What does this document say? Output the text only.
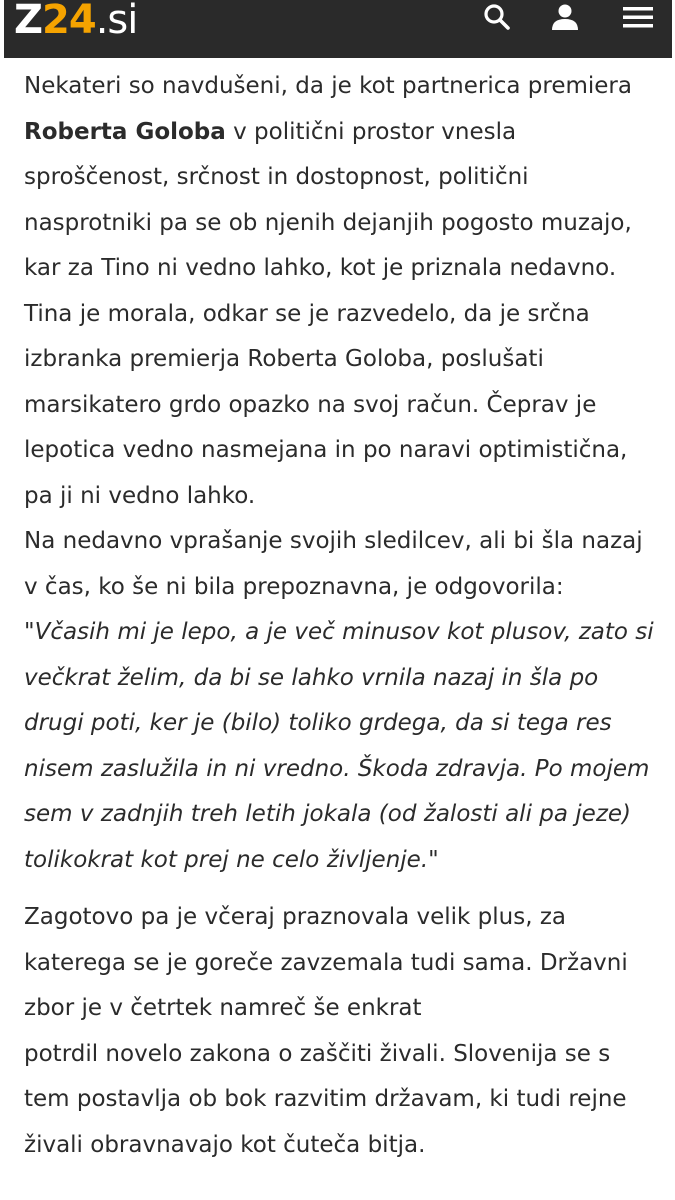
Z24.si

Nekateri so navdušeni, da je kot partnerica premiera Roberta Goloba v politični prostor vnesla sproščenost, srčnost in dostopnost, politični nasprotniki pa se ob njenih dejanjih pogosto muzajo, kar za Tino ni vedno lahko, kot je priznala nedavno.

Tina je morala, odkar se je razvedelo, da je srčna izbranka premierja Roberta Goloba, poslušati marsikatero grdo opazko na svoj račun. Čeprav je lepotica vedno nasmejana in po naravi optimistična, pa ji ni vedno lahko.

Na nedavno vprašanje svojih sledilcev, ali bi šla nazaj v čas, ko še ni bila prepoznavna, je odgovorila:

"Včasih mi je lepo, a je več minusov kot plusov, zato si večkrat želim, da bi se lahko vrnila nazaj in šla po drugi poti, ker je (bilo) toliko grdega, da si tega res nisem zaslužila in ni vredno. Škoda zdravja. Po mojem sem v zadnjih treh letih jokala (od žalosti ali pa jeze) tolikokrat kot prej ne celo življenje."

Zagotovo pa je včeraj praznovala velik plus, za katerega se je goreče zavzemala tudi sama. Državni zbor je v četrtek namreč še enkrat
potrdil novelo zakona o zaščiti živali. Slovenija se s tem postavlja ob bok razvitim državam, ki tudi rejne živali obravnavajo kot čuteča bitja.
